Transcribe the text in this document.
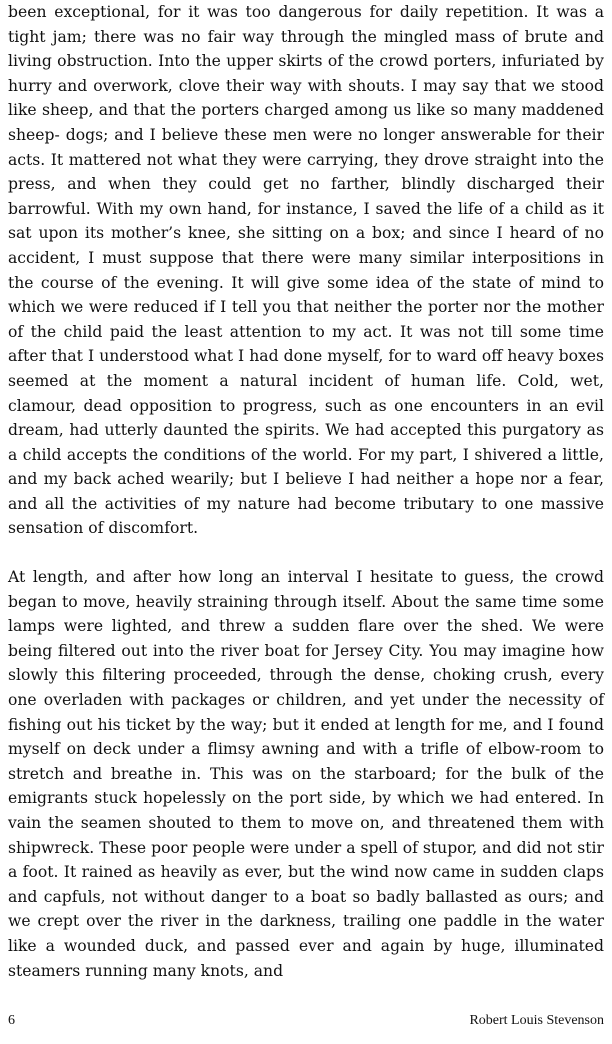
been exceptional, for it was too dangerous for daily repetition. It was a tight jam; there was no fair way through the mingled mass of brute and living obstruction. Into the upper skirts of the crowd porters, infuriated by hurry and overwork, clove their way with shouts. I may say that we stood like sheep, and that the porters charged among us like so many maddened sheep- dogs; and I believe these men were no longer answerable for their acts. It mattered not what they were carrying, they drove straight into the press, and when they could get no farther, blindly discharged their barrowful. With my own hand, for instance, I saved the life of a child as it sat upon its mother’s knee, she sitting on a box; and since I heard of no accident, I must suppose that there were many similar interpositions in the course of the evening. It will give some idea of the state of mind to which we were reduced if I tell you that neither the porter nor the mother of the child paid the least attention to my act. It was not till some time after that I understood what I had done myself, for to ward off heavy boxes seemed at the moment a natural incident of human life. Cold, wet, clamour, dead opposition to progress, such as one encounters in an evil dream, had utterly daunted the spirits. We had accepted this purgatory as a child accepts the conditions of the world. For my part, I shivered a little, and my back ached wearily; but I believe I had neither a hope nor a fear, and all the activities of my nature had become tributary to one massive sensation of discomfort.

At length, and after how long an interval I hesitate to guess, the crowd began to move, heavily straining through itself. About the same time some lamps were lighted, and threw a sudden flare over the shed. We were being filtered out into the river boat for Jersey City. You may imagine how slowly this filtering proceeded, through the dense, choking crush, every one overladen with packages or children, and yet under the necessity of fishing out his ticket by the way; but it ended at length for me, and I found myself on deck under a flimsy awning and with a trifle of elbow-room to stretch and breathe in. This was on the starboard; for the bulk of the emigrants stuck hopelessly on the port side, by which we had entered. In vain the seamen shouted to them to move on, and threatened them with shipwreck. These poor people were under a spell of stupor, and did not stir a foot. It rained as heavily as ever, but the wind now came in sudden claps and capfuls, not without danger to a boat so badly ballasted as ours; and we crept over the river in the darkness, trailing one paddle in the water like a wounded duck, and passed ever and again by huge, illuminated steamers running many knots, and

6	Robert Louis Stevenson
